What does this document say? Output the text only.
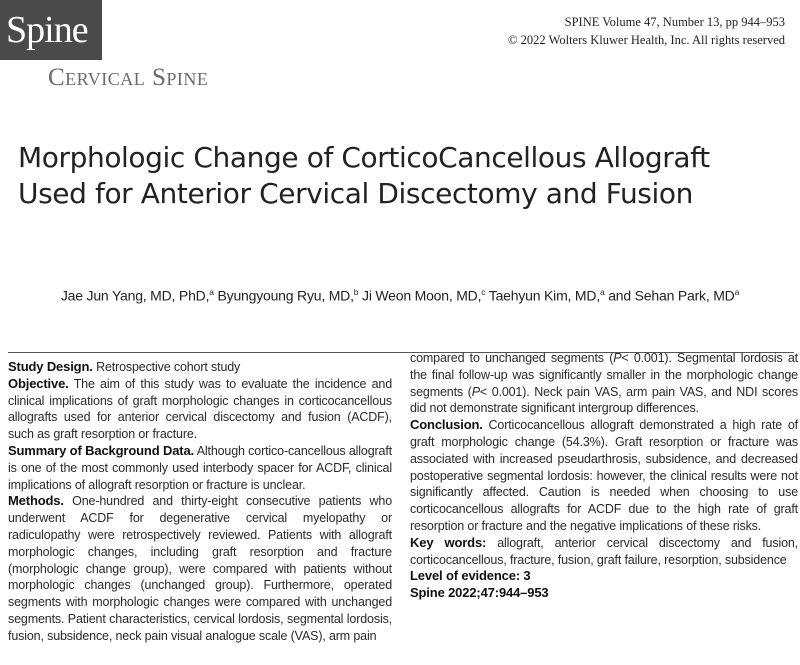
Spine	SPINE Volume 47, Number 13, pp 944–953
© 2022 Wolters Kluwer Health, Inc. All rights reserved
Cervical Spine
Morphologic Change of CorticoCancellous Allograft Used for Anterior Cervical Discectomy and Fusion
Jae Jun Yang, MD, PhD,$^a$ Byungyoung Ryu, MD,$^b$ Ji Weon Moon, MD,$^c$ Taehyun Kim, MD,$^a$ and Sehan Park, $MD^a$

Study Design. Retrospective cohort study

Objective. The aim of this study was to evaluate the incidence and clinical implications of graft morphologic changes in corticocancellous allografts used for anterior cervical discectomy and fusion (ACDF), such as graft resorption or fracture.

Summary of Background Data. Although cortico-cancellous allograft is one of the most commonly used interbody spacer for ACDF, clinical implications of allograft resorption or fracture is unclear.

Methods. One-hundred and thirty-eight consecutive patients who underwent ACDF for degenerative cervical myelopathy or radiculopathy were retrospectively reviewed. Patients with allograft morphologic changes, including graft resorption and fracture (morphologic change group), were compared with patients without morphologic changes (unchanged group). Furthermore, operated segments with morphologic changes were compared with unchanged segments. Patient characteristics, cervical lordosis, segmental lordosis, fusion, subsidence, neck pain visual analogue scale (VAS), arm pain

compared to unchanged segments (P< 0.001). Segmental lordosis at the final follow-up was significantly smaller in the morphologic change segments (P< 0.001). Neck pain VAS, arm pain VAS, and NDI scores did not demonstrate significant intergroup differences.

Conclusion. Corticocancellous allograft demonstrated a high rate of graft morphologic change (54.3%). Graft resorption or fracture was associated with increased pseudarthrosis, subsidence, and decreased postoperative segmental lordosis: however, the clinical results were not significantly affected. Caution is needed when choosing to use corticocancellous allografts for ACDF due to the high rate of graft resorption or fracture and the negative implications of these risks.

Key words: allograft, anterior cervical discectomy and fusion, corticocancellous, fracture, fusion, graft failure, resorption, subsidence

Level of evidence: 3

Spine 2022;47:944–953
